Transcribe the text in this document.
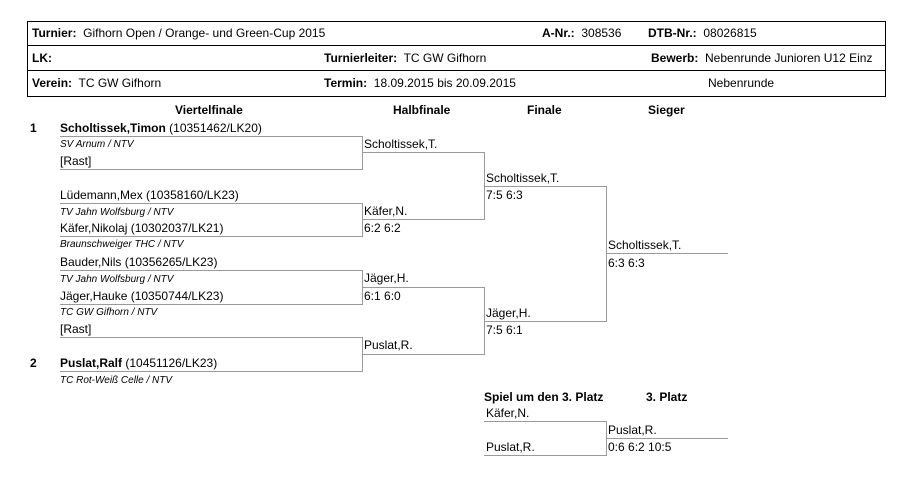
Turnier: Gifhorn Open / Orange- und Green-Cup 2015	A-Nr.: 308536 DTB-Nr.: 08026815
LK:	Turnierleiter: TC GW Gifhorn	Bewerb: Nebenrunde Junioren U12 Einz
Verein: TC GW Gifhorn	Termin: 18.09.2015 bis 20.09.2015	Nebenrunde
Viertelfinale	Halbfinale	Finale	Sieger
1 Scholtissek,Timon (10351462/LK20)
SV Arnum / NTV
[Rast]
Lüdemann,Mex (10358160/LK23)
TV Jahn Wolfsburg / NTV
Käfer,Nikolaj (10302037/LK21)
Braunschweiger THC / NTV
Bauder,Nils (10356265/LK23)
TV Jahn Wolfsburg / NTV
Jäger,Hauke (10350744/LK23)
TC GW Gifhorn / NTV
[Rast]
2 Puslat,Ralf (10451126/LK23)
TC Rot-Weiß Celle / NTV
Scholtissek,T.
Käfer,N.
6:2 6:2
Jäger,H.
6:1 6:0
Puslat,R.
Scholtissek,T.
7:5 6:3
Jäger,H.
7:5 6:1
Scholtissek,T.
6:3 6:3
Spiel um den 3. Platz	3. Platz
Käfer,N.
Puslat,R.
Puslat,R.
0:6 6:2 10:5
